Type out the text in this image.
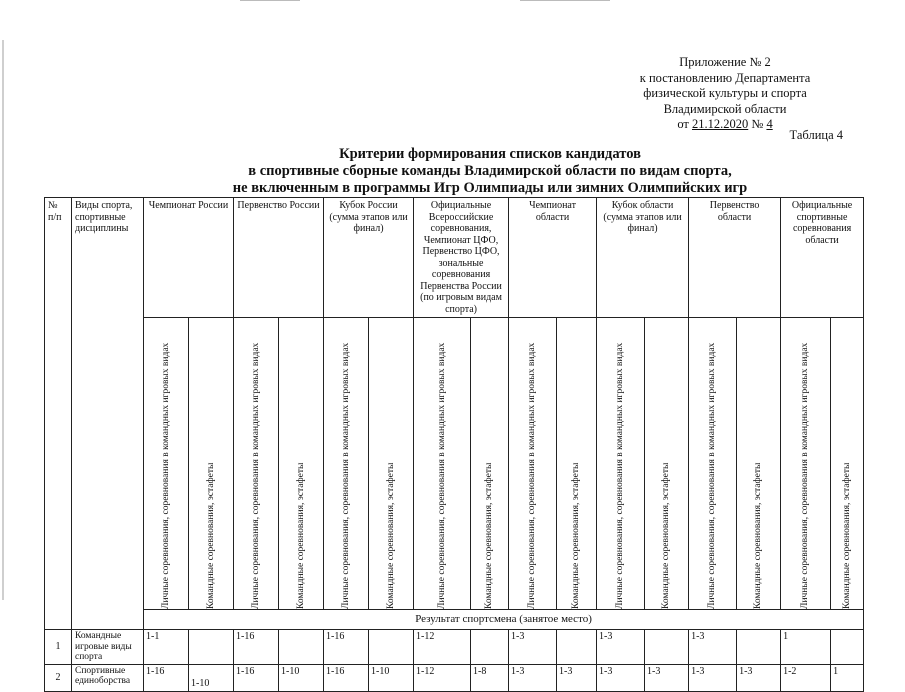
Приложение № 2
к постановлению Департамента
физической культуры и спорта
Владимирской области
от 21.12.2020 № 4
Таблица 4
Критерии формирования списков кандидатов
в спортивные сборные команды Владимирской области по видам спорта,
не включенным в программы Игр Олимпиады или зимних Олимпийских игр
№ п/п	Виды спорта, спортивные дисциплины	Чемпионат России		Первенство России		Кубок России (сумма этапов или финал)		Официальные Всероссийские соревнования, Чемпионат ЦФО, Первенство ЦФО, зональные соревнования Первенства России (по игровым видам спорта)		Чемпионат области		Кубок области (сумма этапов или финал)		Первенство области		Официальные спортивные соревнования области	

		Личные соревнования, соревнования в командных игровых видах	Командные соревнования, эстафеты	Личные соревнования, соревнования в командных игровых видах	Командные соревнования, эстафеты	Личные соревнования, соревнования в командных игровых видах	Командные соревнования, эстафеты	Личные соревнования, соревнования в командных игровых видах	Командные соревнования, эстафеты	Личные соревнования, соревнования в командных игровых видах	Командные соревнования, эстафеты	Личные соревнования, соревнования в командных игровых видах	Командные соревнования, эстафеты	Личные соревнования, соревнования в командных игровых видах	Командные соревнования, эстафеты	Личные соревнования, соревнования в командных игровых видах	Командные соревнования, эстафеты

		Результат спортсмена (занятое место)															
1	Командные игровые виды спорта	1-1		1-16		1-16		1-12		1-3		1-3		1-3		1	
2	Спортивные единоборства	1-16	1-10	1-16	1-10	1-16	1-10	1-12	1-8	1-3	1-3	1-3	1-3	1-3	1-3	1-2	1
